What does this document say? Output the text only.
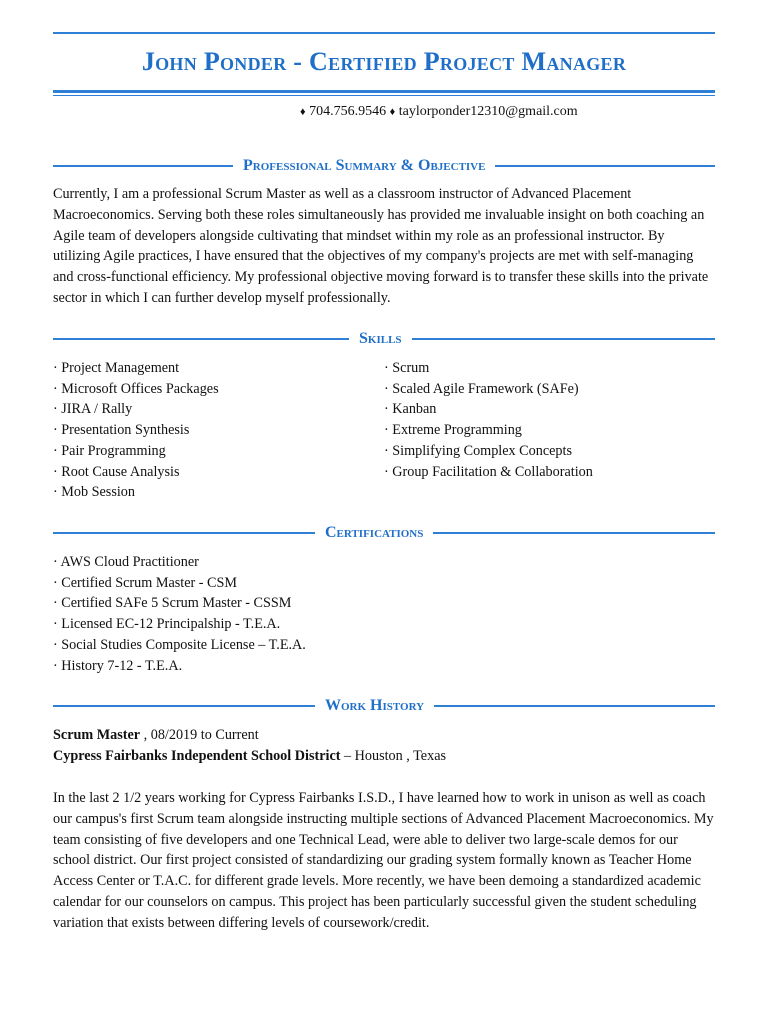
John Ponder - Certified Project Manager
♦ 704.756.9546 ♦ taylorponder12310@gmail.com
Professional Summary & Objective

Currently, I am a professional Scrum Master as well as a classroom instructor of Advanced Placement Macroeconomics. Serving both these roles simultaneously has provided me invaluable insight on both coaching an Agile team of developers alongside cultivating that mindset within my role as an professional instructor. By utilizing Agile practices, I have ensured that the objectives of my company's projects are met with self-managing and cross-functional efficiency. My professional objective moving forward is to transfer these skills into the private sector in which I can further develop myself professionally.

Skills
· Project Management
· Microsoft Offices Packages
· JIRA / Rally
· Presentation Synthesis
· Pair Programming
· Root Cause Analysis
· Mob Session
· Scrum
· Scaled Agile Framework (SAFe)
· Kanban
· Extreme Programming
· Simplifying Complex Concepts
· Group Facilitation & Collaboration
Certifications
· AWS Cloud Practitioner
· Certified Scrum Master - CSM
· Certified SAFe 5 Scrum Master - CSSM
· Licensed EC-12 Principalship - T.E.A.
· Social Studies Composite License – T.E.A.
· History 7-12 - T.E.A.
Work History
Scrum Master , 08/2019 to Current
Cypress Fairbanks Independent School District – Houston , Texas

In the last 2 1/2 years working for Cypress Fairbanks I.S.D., I have learned how to work in unison as well as coach our campus's first Scrum team alongside instructing multiple sections of Advanced Placement Macroeconomics. My team consisting of five developers and one Technical Lead, were able to deliver two large-scale demos for our school district. Our first project consisted of standardizing our grading system formally known as Teacher Home Access Center or T.A.C. for different grade levels. More recently, we have been demoing a standardized academic calendar for our counselors on campus. This project has been particularly successful given the student scheduling variation that exists between differing levels of coursework/credit.
